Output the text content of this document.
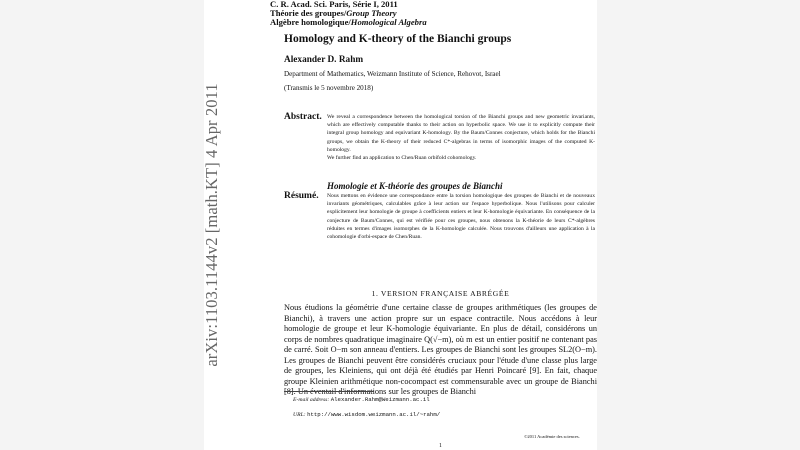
arXiv:1103.1144v2 [math.KT] 4 Apr 2011
C. R. Acad. Sci. Paris, Série I, 2011
Théorie des groupes/Group Theory
Algèbre homologique/Homological Algebra
Homology and K-theory of the Bianchi groups
Alexander D. Rahm
Department of Mathematics, Weizmann Institute of Science, Rehovot, Israel
(Transmis le 5 novembre 2018)
Abstract. We reveal a correspondence between the homological torsion of the Bianchi groups and new geometric invariants, which are effectively computable thanks to their action on hyperbolic space. We use it to explicitly compute their integral group homology and equivariant K-homology. By the Baum/Connes conjecture, which holds for the Bianchi groups, we obtain the K-theory of their reduced C*-algebras in terms of isomorphic images of the computed K-homology.
We further find an application to Chen/Ruan orbifold cohomology.
Homologie et K-théorie des groupes de Bianchi
Résumé. Nous mettons en évidence une correspondance entre la torsion homologique des groupes de Bianchi et de nouveaux invariants géométriques, calculables grâce à leur action sur l'espace hyperbolique. Nous l'utilisons pour calculer explicitement leur homologie de groupe à coefficients entiers et leur K-homologie équivariante. En conséquence de la conjecture de Baum/Connes, qui est vérifiée pour ces groupes, nous obtenons la K-théorie de leurs C*-algèbres réduites en termes d'images isomorphes de la K-homologie calculée. Nous trouvons d'ailleurs une application à la cohomologie d'orbi-espace de Chen/Ruan.
1. VERSION FRANÇAISE ABRÉGÉE
Nous étudions la géométrie d'une certaine classe de groupes arithmétiques (les groupes de Bianchi), à travers une action propre sur un espace contractile. Nous accédons à leur homologie de groupe et leur K-homologie équivariante. En plus de détail, considérons un corps de nombres quadratique imaginaire Q(√−m), où m est un entier positif ne contenant pas de carré. Soit O−m son anneau d'entiers. Les groupes de Bianchi sont les groupes SL2(O−m). Les groupes de Bianchi peuvent être considérés cruciaux pour l'étude d'une classe plus large de groupes, les Kleiniens, qui ont déjà été étudiés par Henri Poincaré [9]. En fait, chaque groupe Kleinien arithmétique non-cocompact est commensurable avec un groupe de Bianchi [8]. Un éventail d'informations sur les groupes de Bianchi
E-mail address: Alexander.Rahm@Weizmann.ac.il
URL: http://www.wisdom.weizmann.ac.il/~rahm/
©2011 Académie des sciences.
1
